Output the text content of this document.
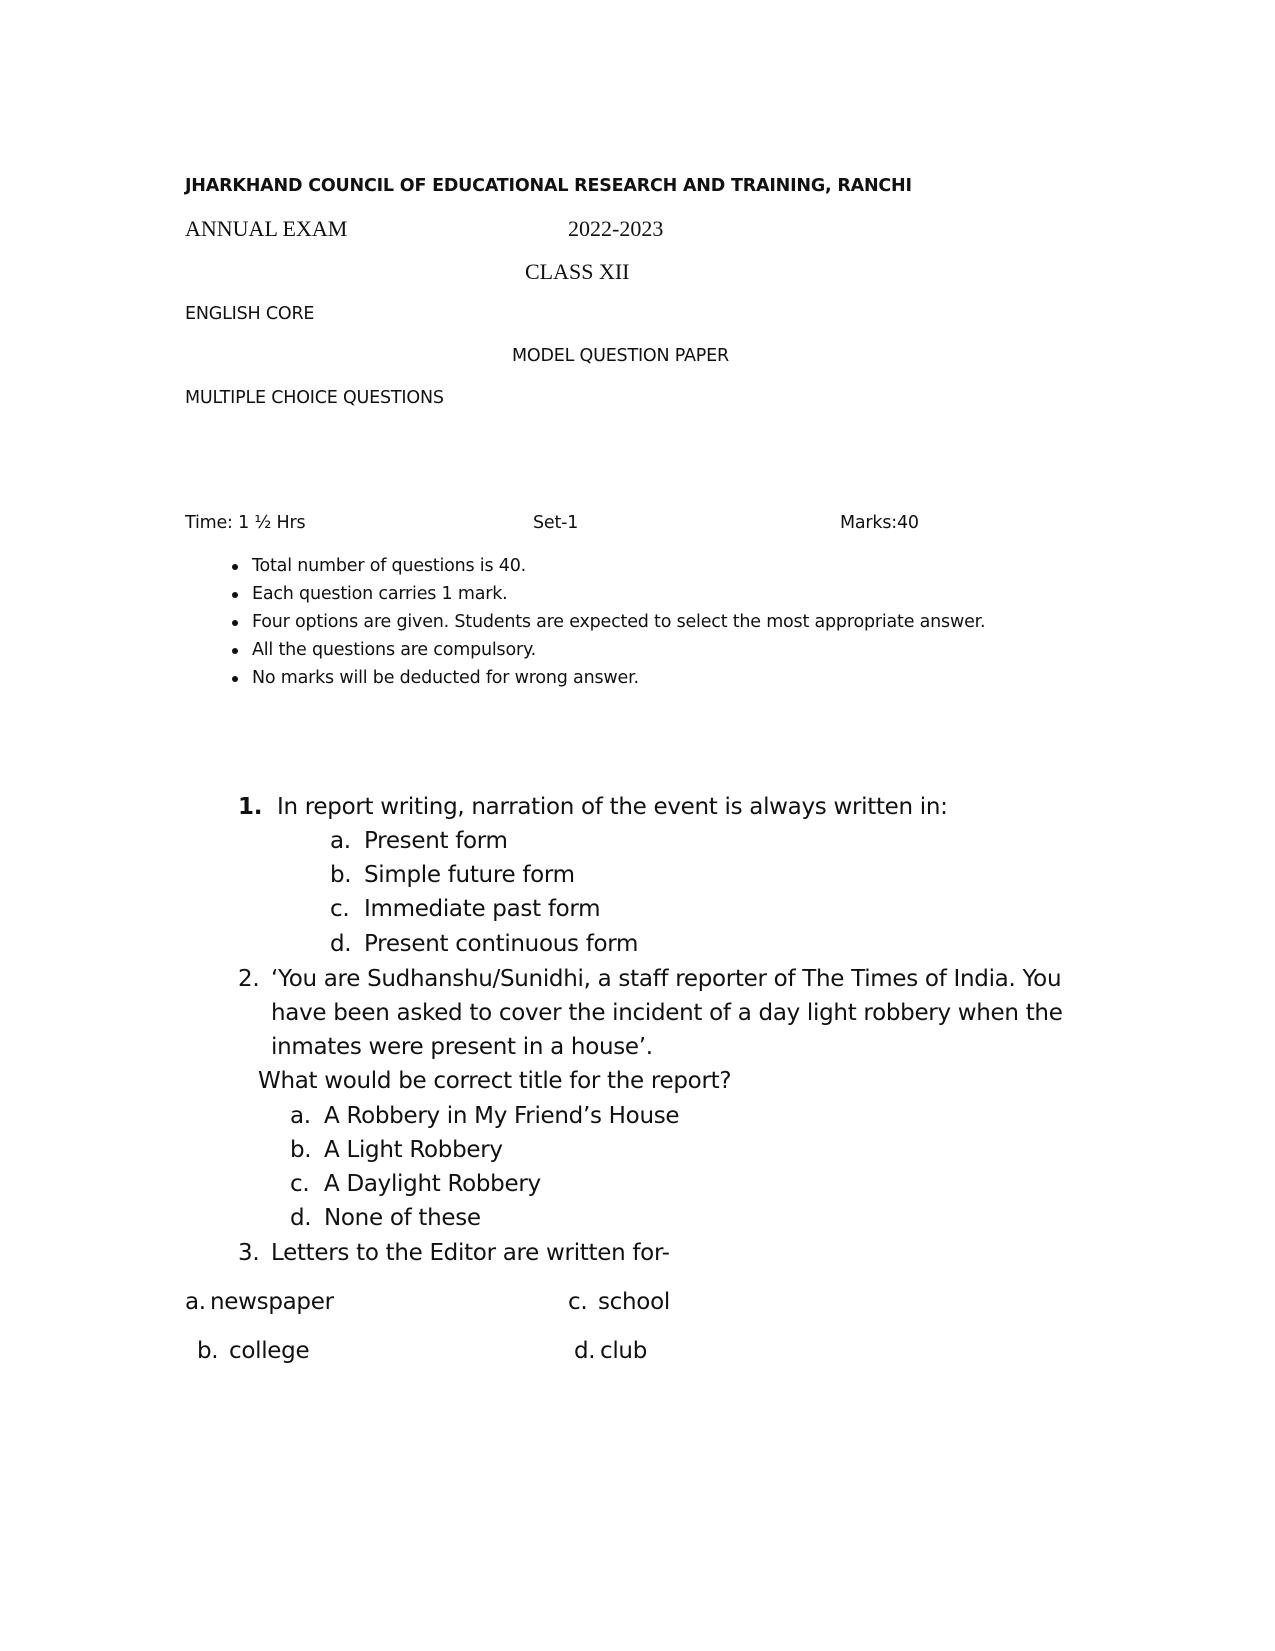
JHARKHAND COUNCIL OF EDUCATIONAL RESEARCH AND TRAINING, RANCHI
ANNUAL EXAM	2022-2023
CLASS XII
ENGLISH CORE
MODEL QUESTION PAPER
MULTIPLE CHOICE QUESTIONS
Time: 1 ½ Hrs	Set-1	Marks:40
Total number of questions is 40.
Each question carries 1 mark.
Four options are given. Students are expected to select the most appropriate answer.
All the questions are compulsory.
No marks will be deducted for wrong answer.
1. In report writing, narration of the event is always written in:
a. Present form
b. Simple future form
c. Immediate past form
d. Present continuous form
2. ‘You are Sudhanshu/Sunidhi, a staff reporter of The Times of India. You
have been asked to cover the incident of a day light robbery when the
inmates were present in a house’.
What would be correct title for the report?
a. A Robbery in My Friend’s House
b. A Light Robbery
c. A Daylight Robbery
d. None of these
3. Letters to the Editor are written for-
a. newspaper
b. college
c. school
d. club
